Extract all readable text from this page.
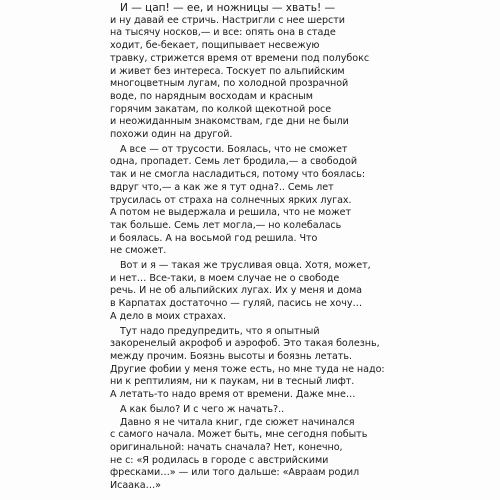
И — цап! — ее, и ножницы — хвать! —
и ну давай ее стричь. Настригли с нее шерсти
на тысячу носков,— и все: опять она в стаде
ходит, бе-бекает, пощипывает несвежую
травку, стрижется время от времени под полубокс
и живет без интереса. Тоскует по альпийским
многоцветным лугам, по холодной прозрачной
воде, по нарядным восходам и красным
горячим закатам, по колкой щекотной росе
и неожиданным знакомствам, где дни не были
похожи один на другой.
А все — от трусости. Боялась, что не сможет
одна, пропадет. Семь лет бродила,— а свободой
так и не смогла насладиться, потому что боялась:
вдруг что,— а как же я тут одна?.. Семь лет
трусилась от страха на солнечных ярких лугах.
А потом не выдержала и решила, что не может
так больше. Семь лет могла,— но колебалась
и боялась. А на восьмой год решила. Что
не сможет.
Вот и я — такая же трусливая овца. Хотя, может,
и нет… Все-таки, в моем случае не о свободе
речь. И не об альпийских лугах. Их у меня и дома
в Карпатах достаточно — гуляй, пасись не хочу…
А дело в моих страхах.
Тут надо предупредить, что я опытный
закоренелый акрофоб и аэрофоб. Это такая болезнь,
между прочим. Боязнь высоты и боязнь летать.
Другие фобии у меня тоже есть, но мне туда не надо:
ни к рептилиям, ни к паукам, ни в тесный лифт.
А летать-то надо время от времени. Даже мне…
А как было? И с чего ж начать?..
Давно я не читала книг, где сюжет начинался
с самого начала. Может быть, мне сегодня побыть
оригинальной: начать сначала? Нет, конечно,
не с: «Я родилась в городе с австрийскими
фресками…» — или того дальше: «Авраам родил
Исаака…»
